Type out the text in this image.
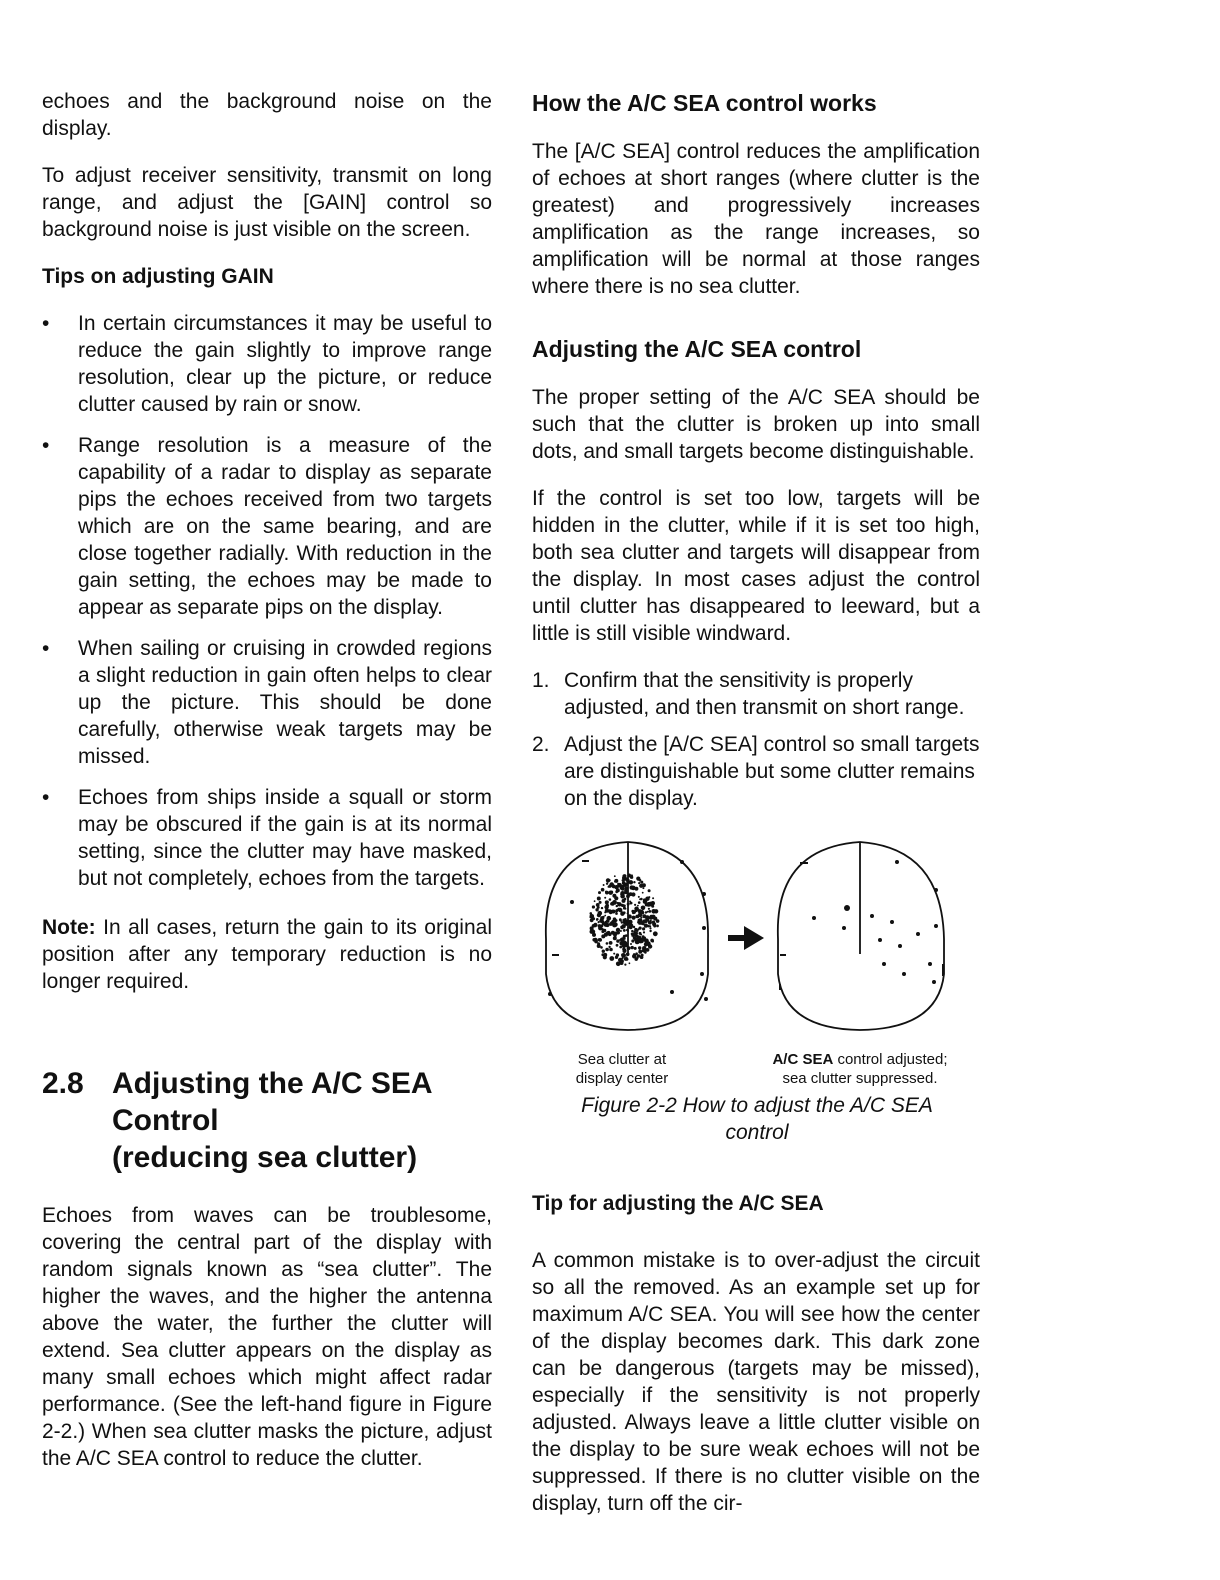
echoes and the background noise on the display.

To adjust receiver sensitivity, transmit on long range, and adjust the [GAIN] control so background noise is just visible on the screen.

Tips on adjusting GAIN
• In certain circumstances it may be useful to reduce the gain slightly to improve range resolution, clear up the picture, or reduce clutter caused by rain or snow.
• Range resolution is a measure of the capability of a radar to display as separate pips the echoes received from two targets which are on the same bearing, and are close together radially. With reduction in the gain setting, the echoes may be made to appear as separate pips on the display.
• When sailing or cruising in crowded regions a slight reduction in gain often helps to clear up the picture. This should be done carefully, otherwise weak targets may be missed.
• Echoes from ships inside a squall or storm may be obscured if the gain is at its normal setting, since the clutter may have masked, but not completely, echoes from the targets.

Note: In all cases, return the gain to its original position after any temporary reduction is no longer required.

2.8 Adjusting the A/C SEA
Control
(reducing sea clutter)

Echoes from waves can be troublesome, covering the central part of the display with random signals known as “sea clutter”. The higher the waves, and the higher the antenna above the water, the further the clutter will extend. Sea clutter appears on the display as many small echoes which might affect radar performance. (See the left-hand figure in Figure 2-2.) When sea clutter masks the picture, adjust the A/C SEA control to reduce the clutter.

How the A/C SEA control works

The [A/C SEA] control reduces the amplification of echoes at short ranges (where clutter is the greatest) and progressively increases amplification as the range increases, so amplification will be normal at those ranges where there is no sea clutter.

Adjusting the A/C SEA control

The proper setting of the A/C SEA should be such that the clutter is broken up into small dots, and small targets become distinguishable.

If the control is set too low, targets will be hidden in the clutter, while if it is set too high, both sea clutter and targets will disappear from the display. In most cases adjust the control until clutter has disappeared to leeward, but a little is still visible windward.

1. Confirm that the sensitivity is properly adjusted, and then transmit on short range.
2. Adjust the [A/C SEA] control so small targets are distinguishable but some clutter remains on the display.
Sea clutter at
display center
A/C SEA control adjusted;
sea clutter suppressed.
Figure 2-2 How to adjust the A/C SEA
control
Tip for adjusting the A/C SEA

A common mistake is to over-adjust the circuit so all the removed. As an example set up for maximum A/C SEA. You will see how the center of the display becomes dark. This dark zone can be dangerous (targets may be missed), especially if the sensitivity is not properly adjusted. Always leave a little clutter visible on the display to be sure weak echoes will not be suppressed. If there is no clutter visible on the display, turn off the cir-
